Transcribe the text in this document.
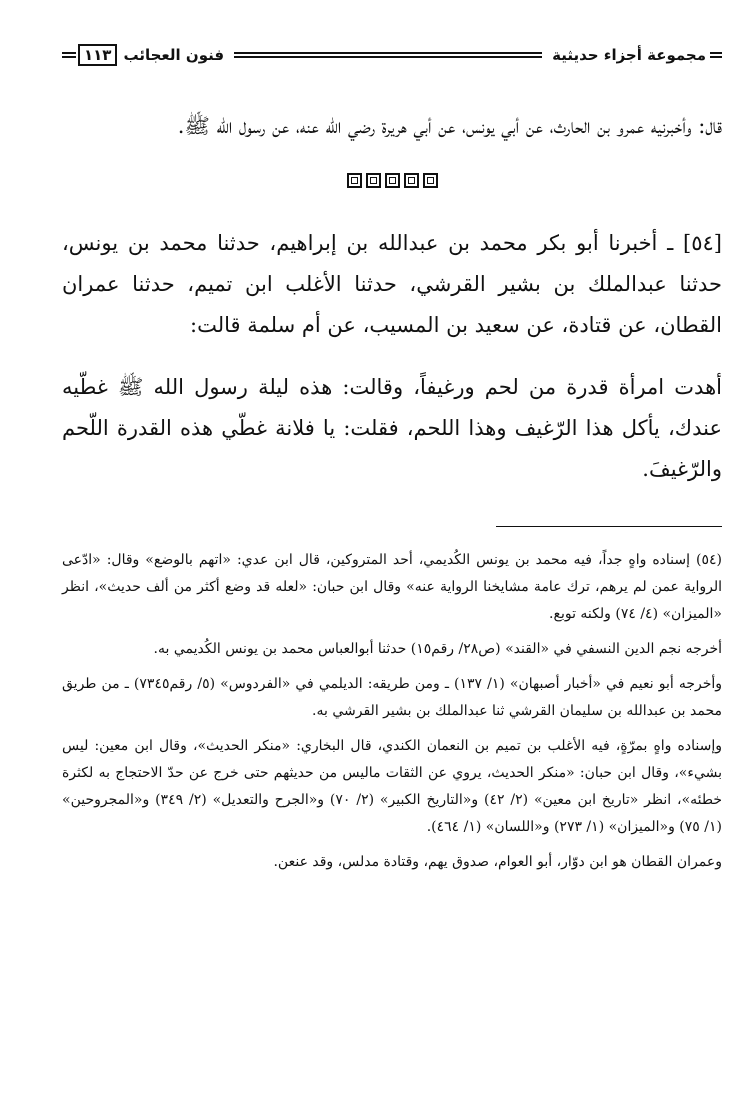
مجموعة أجزاء حديثية
فنون العجائب
١١٣

قال: وأخبرنيه عمرو بن الحارث، عن أبي يونس، عن أبي هريرة رضي الله عنه، عن رسول الله ﷺ.

[٥٤] ـ أخبرنا أبو بكر محمد بن عبدالله بن إبراهيم، حدثنا محمد بن يونس، حدثنا عبدالملك بن بشير القرشي، حدثنا الأغلب ابن تميم، حدثنا عمران القطان، عن قتادة، عن سعيد بن المسيب، عن أم سلمة قالت:

أهدت امرأة قدرة من لحم ورغيفاً، وقالت: هذه ليلة رسول الله ﷺ غطّيه عندك، يأكل هذا الرّغيف وهذا اللحم، فقلت: يا فلانة غطّي هذه القدرة اللّحم والرّغيفَ.

(٥٤) إسناده واهٍ جداً، فيه محمد بن يونس الكُديمي، أحد المتروكين، قال ابن عدي: «اتهم بالوضع» وقال: «ادّعى الرواية عمن لم يرهم، ترك عامة مشايخنا الرواية عنه» وقال ابن حبان: «لعله قد وضع أكثر من ألف حديث»، انظر «الميزان» (٤/ ٧٤) ولكنه توبع.

أخرجه نجم الدين النسفي في «القند» (ص٢٨/ رقم١٥) حدثنا أبوالعباس محمد بن يونس الكُديمي به.

وأخرجه أبو نعيم في «أخبار أصبهان» (١/ ١٣٧) ـ ومن طريقه: الديلمي في «الفردوس» (٥/ رقم٧٣٤٥) ـ من طريق محمد بن عبدالله بن سليمان القرشي ثنا عبدالملك بن بشير القرشي به.

وإسناده واهٍ بمرّةٍ، فيه الأغلب بن تميم بن النعمان الكندي، قال البخاري: «منكر الحديث»، وقال ابن معين: ليس بشيء»، وقال ابن حبان: «منكر الحديث، يروي عن الثقات ماليس من حديثهم حتى خرج عن حدّ الاحتجاج به لكثرة خطئه»، انظر «تاريخ ابن معين» (٢/ ٤٢) و«التاريخ الكبير» (٢/ ٧٠) و«الجرح والتعديل» (٢/ ٣٤٩) و«المجروحين» (١/ ٧٥) و«الميزان» (١/ ٢٧٣) و«اللسان» (١/ ٤٦٤).

وعمران القطان هو ابن دوّار، أبو العوام، صدوق يهم، وقتادة مدلس، وقد عنعن.
